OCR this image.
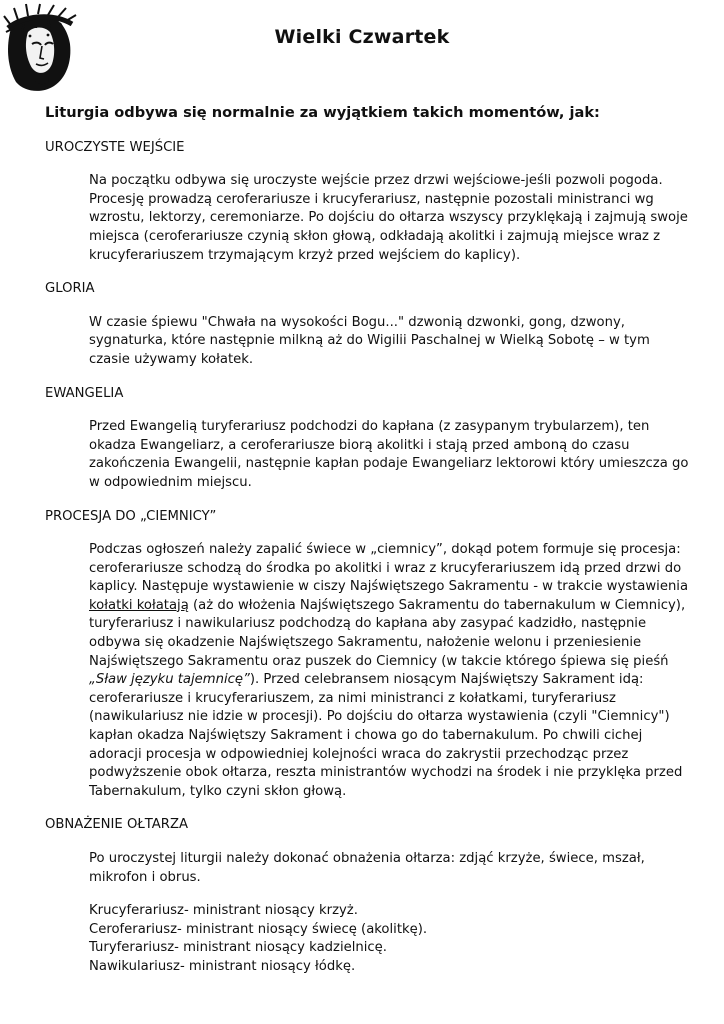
Wielki Czwartek

Liturgia odbywa się normalnie za wyjątkiem takich momentów, jak:

UROCZYSTE WEJŚCIE

Na początku odbywa się uroczyste wejście przez drzwi wejściowe-jeśli pozwoli pogoda. Procesję prowadzą ceroferariusze i krucyferariusz, następnie pozostali ministranci wg wzrostu, lektorzy, ceremoniarze. Po dojściu do ołtarza wszyscy przyklękają i zajmują swoje miejsca (ceroferariusze czynią skłon głową, odkładają akolitki i zajmują miejsce wraz z krucyferariuszem trzymającym krzyż przed wejściem do kaplicy).

GLORIA

W czasie śpiewu "Chwała na wysokości Bogu..." dzwonią dzwonki, gong, dzwony, sygnaturka, które następnie milkną aż do Wigilii Paschalnej w Wielką Sobotę – w tym czasie używamy kołatek.

EWANGELIA

Przed Ewangelią turyferariusz podchodzi do kapłana (z zasypanym trybularzem), ten okadza Ewangeliarz, a ceroferariusze biorą akolitki i stają przed amboną do czasu zakończenia Ewangelii, następnie kapłan podaje Ewangeliarz lektorowi który umieszcza go w odpowiednim miejscu.

PROCESJA DO „CIEMNICY”

Podczas ogłoszeń należy zapalić świece w „ciemnicy”, dokąd potem formuje się procesja: ceroferariusze schodzą do środka po akolitki i wraz z krucyferariuszem idą przed drzwi do kaplicy. Następuje wystawienie w ciszy Najświętszego Sakramentu - w trakcie wystawienia kołatki kołatają (aż do włożenia Najświętszego Sakramentu do tabernakulum w Ciemnicy), turyferariusz i nawikulariusz podchodzą do kapłana aby zasypać kadzidło, następnie odbywa się okadzenie Najświętszego Sakramentu, nałożenie welonu i przeniesienie Najświętszego Sakramentu oraz puszek do Ciemnicy (w takcie którego śpiewa się pieśń „Sław języku tajemnicę”). Przed celebransem niosącym Najświętszy Sakrament idą: ceroferariusze i krucyferariuszem, za nimi ministranci z kołatkami, turyferariusz (nawikulariusz nie idzie w procesji). Po dojściu do ołtarza wystawienia (czyli "Ciemnicy") kapłan okadza Najświętszy Sakrament i chowa go do tabernakulum. Po chwili cichej adoracji procesja w odpowiedniej kolejności wraca do zakrystii przechodząc przez podwyższenie obok ołtarza, reszta ministrantów wychodzi na środek i nie przyklęka przed Tabernakulum, tylko czyni skłon głową.

OBNAŻENIE OŁTARZA

Po uroczystej liturgii należy dokonać obnażenia ołtarza: zdjąć krzyże, świece, mszał, mikrofon i obrus.

Krucyferariusz- ministrant niosący krzyż.
Ceroferariusz- ministrant niosący świecę (akolitkę).
Turyferariusz- ministrant niosący kadzielnicę.
Nawikulariusz- ministrant niosący łódkę.
